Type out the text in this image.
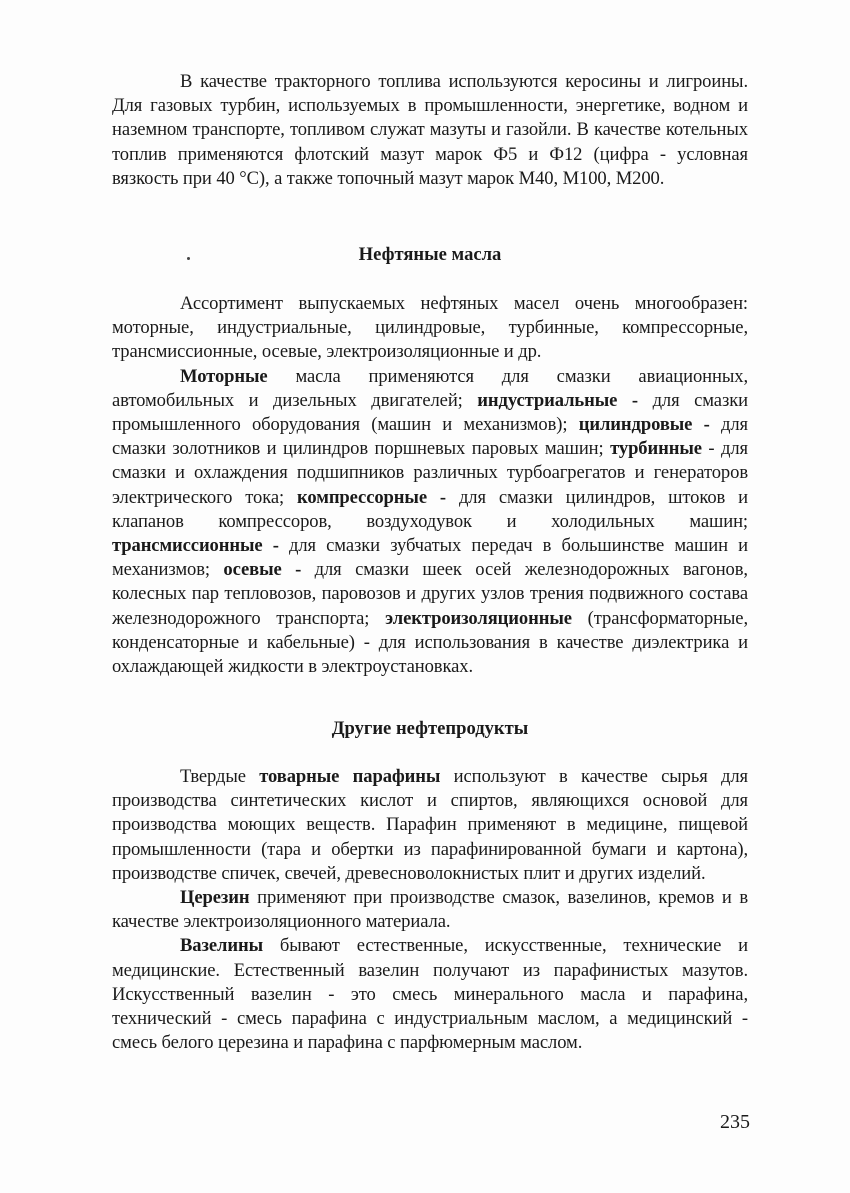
В качестве тракторного топлива используются керосины и лигроины. Для газовых турбин, используемых в промышленности, энергетике, водном и наземном транспорте, топливом служат мазуты и газойли. В качестве котельных топлив применяются флотский мазут марок Ф5 и Ф12 (цифра - условная вязкость при 40 °С), а также топочный мазут марок М40, М100, М200.

Нефтяные масла

Ассортимент выпускаемых нефтяных масел очень многообразен: моторные, индустриальные, цилиндровые, турбинные, компрессорные, трансмиссионные, осевые, электроизоляционные и др.

Моторные масла применяются для смазки авиационных, автомобильных и дизельных двигателей; индустриальные - для смазки промышленного оборудования (машин и механизмов); цилиндровые - для смазки золотников и цилиндров поршневых паровых машин; турбинные - для смазки и охлаждения подшипников различных турбоагрегатов и генераторов электрического тока; компрессорные - для смазки цилиндров, штоков и клапанов компрессоров, воздуходувок и холодильных машин; трансмиссионные - для смазки зубчатых передач в большинстве машин и механизмов; осевые - для смазки шеек осей железнодорожных вагонов, колесных пар тепловозов, паровозов и других узлов трения подвижного состава железнодорожного транспорта; электроизоляционные (трансформаторные, конденсаторные и кабельные) - для использования в качестве диэлектрика и охлаждающей жидкости в электроустановках.

Другие нефтепродукты

Твердые товарные парафины используют в качестве сырья для производства синтетических кислот и спиртов, являющихся основой для производства моющих веществ. Парафин применяют в медицине, пищевой промышленности (тара и обертки из парафинированной бумаги и картона), производстве спичек, свечей, древесноволокнистых плит и других изделий.

Церезин применяют при производстве смазок, вазелинов, кремов и в качестве электроизоляционного материала.

Вазелины бывают естественные, искусственные, технические и медицинские. Естественный вазелин получают из парафинистых мазутов. Искусственный вазелин - это смесь минерального масла и парафина, технический - смесь парафина с индустриальным маслом, а медицинский - смесь белого церезина и парафина с парфюмерным маслом.

235
